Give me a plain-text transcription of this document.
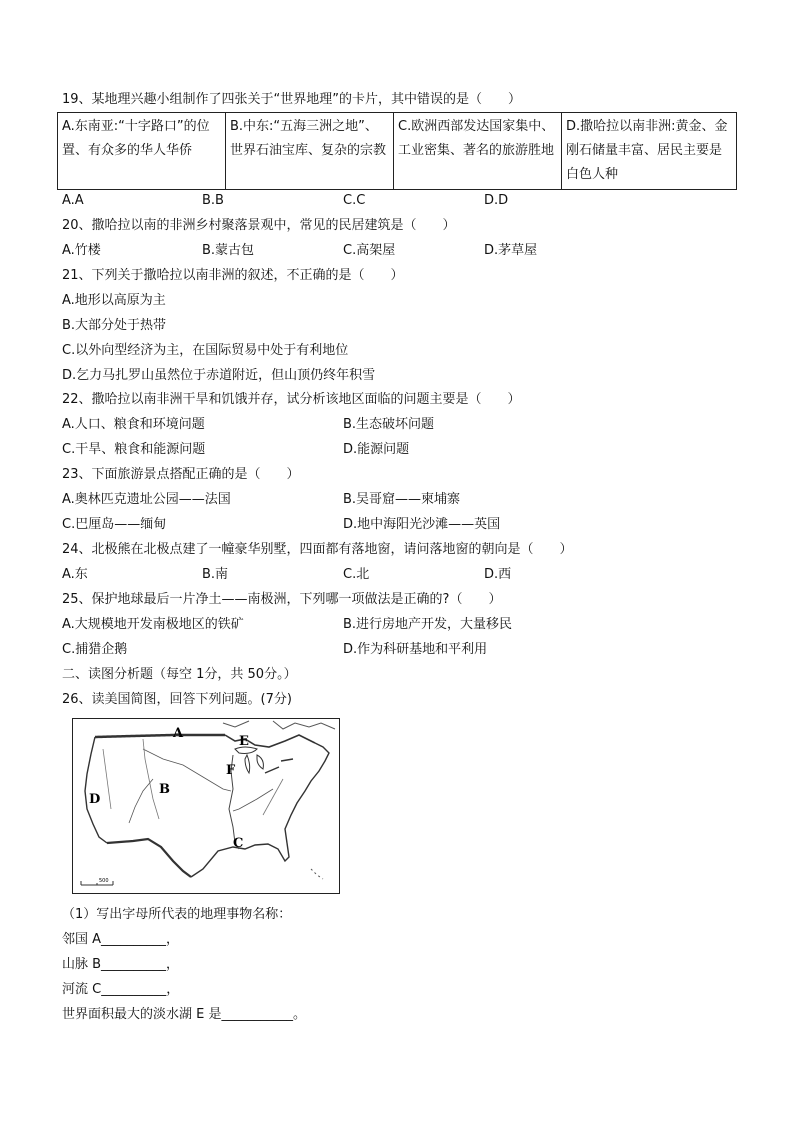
19、某地理兴趣小组制作了四张关于“世界地理”的卡片，其中错误的是（　　）
A.东南亚:“十字路口”的位置、有众多的华人华侨	B.中东:“五海三洲之地”、世界石油宝库、复杂的宗教	C.欧洲西部发达国家集中、工业密集、著名的旅游胜地	D.撒哈拉以南非洲:黄金、金刚石储量丰富、居民主要是白色人种
A.A	B.B	C.C	D.D
20、撒哈拉以南的非洲乡村聚落景观中，常见的民居建筑是（　　）
A.竹楼	B.蒙古包	C.高架屋	D.茅草屋
21、下列关于撒哈拉以南非洲的叙述，不正确的是（　　）
A.地形以高原为主
B.大部分处于热带
C.以外向型经济为主，在国际贸易中处于有利地位
D.乞力马扎罗山虽然位于赤道附近，但山顶仍终年积雪
22、撒哈拉以南非洲干旱和饥饿并存，试分析该地区面临的问题主要是（　　）
A.人口、粮食和环境问题	B.生态破坏问题
C.干旱、粮食和能源问题	D.能源问题
23、下面旅游景点搭配正确的是（　　）
A.奥林匹克遗址公园——法国	B.吴哥窟——柬埔寨
C.巴厘岛——缅甸	D.地中海阳光沙滩——英国
24、北极熊在北极点建了一幢豪华别墅，四面都有落地窗，请问落地窗的朝向是（　　）
A.东	B.南	C.北	D.西
25、保护地球最后一片净土——南极洲，下列哪一项做法是正确的?（　　）
A.大规模地开发南极地区的铁矿	B.进行房地产开发，大量移民
C.捕猎企鹅	D.作为科研基地和平利用
二、读图分析题（每空 1分，共 50分。）
26、读美国简图，回答下列问题。(7分)
A
E
F
B
D
C
500
（1）写出字母所代表的地理事物名称：
邻国 A__________，
山脉 B__________，
河流 C__________，
世界面积最大的淡水湖 E 是___________。
